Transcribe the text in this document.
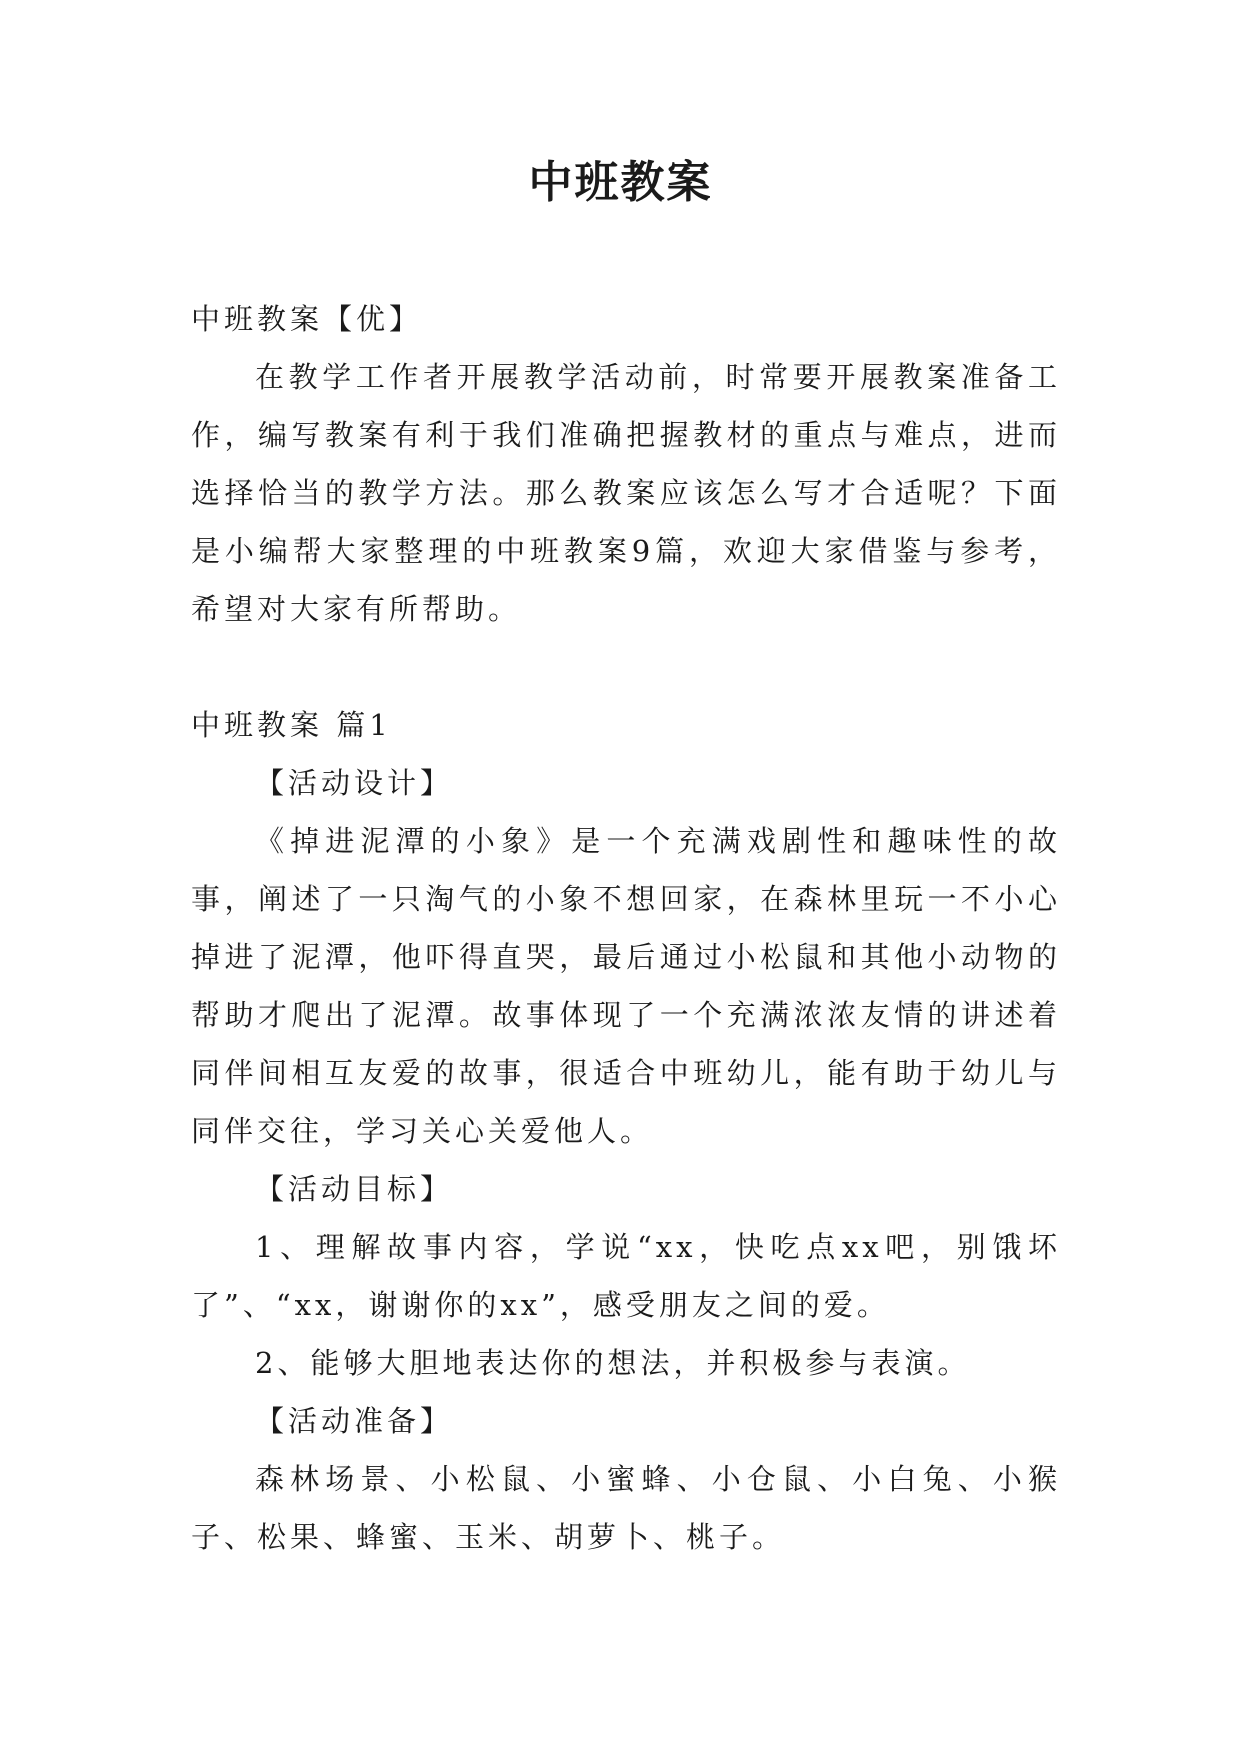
中班教案

中班教案【优】

在教学工作者开展教学活动前，时常要开展教案准备工作，编写教案有利于我们准确把握教材的重点与难点，进而选择恰当的教学方法。那么教案应该怎么写才合适呢？下面是小编帮大家整理的中班教案9篇，欢迎大家借鉴与参考，希望对大家有所帮助。

中班教案 篇1

【活动设计】

《掉进泥潭的小象》是一个充满戏剧性和趣味性的故事，阐述了一只淘气的小象不想回家，在森林里玩一不小心掉进了泥潭，他吓得直哭，最后通过小松鼠和其他小动物的帮助才爬出了泥潭。故事体现了一个充满浓浓友情的讲述着同伴间相互友爱的故事，很适合中班幼儿，能有助于幼儿与同伴交往，学习关心关爱他人。

【活动目标】

1、理解故事内容，学说“xx，快吃点xx吧，别饿坏了”、“xx，谢谢你的xx”，感受朋友之间的爱。

2、能够大胆地表达你的想法，并积极参与表演。

【活动准备】

森林场景、小松鼠、小蜜蜂、小仓鼠、小白兔、小猴子、松果、蜂蜜、玉米、胡萝卜、桃子。
